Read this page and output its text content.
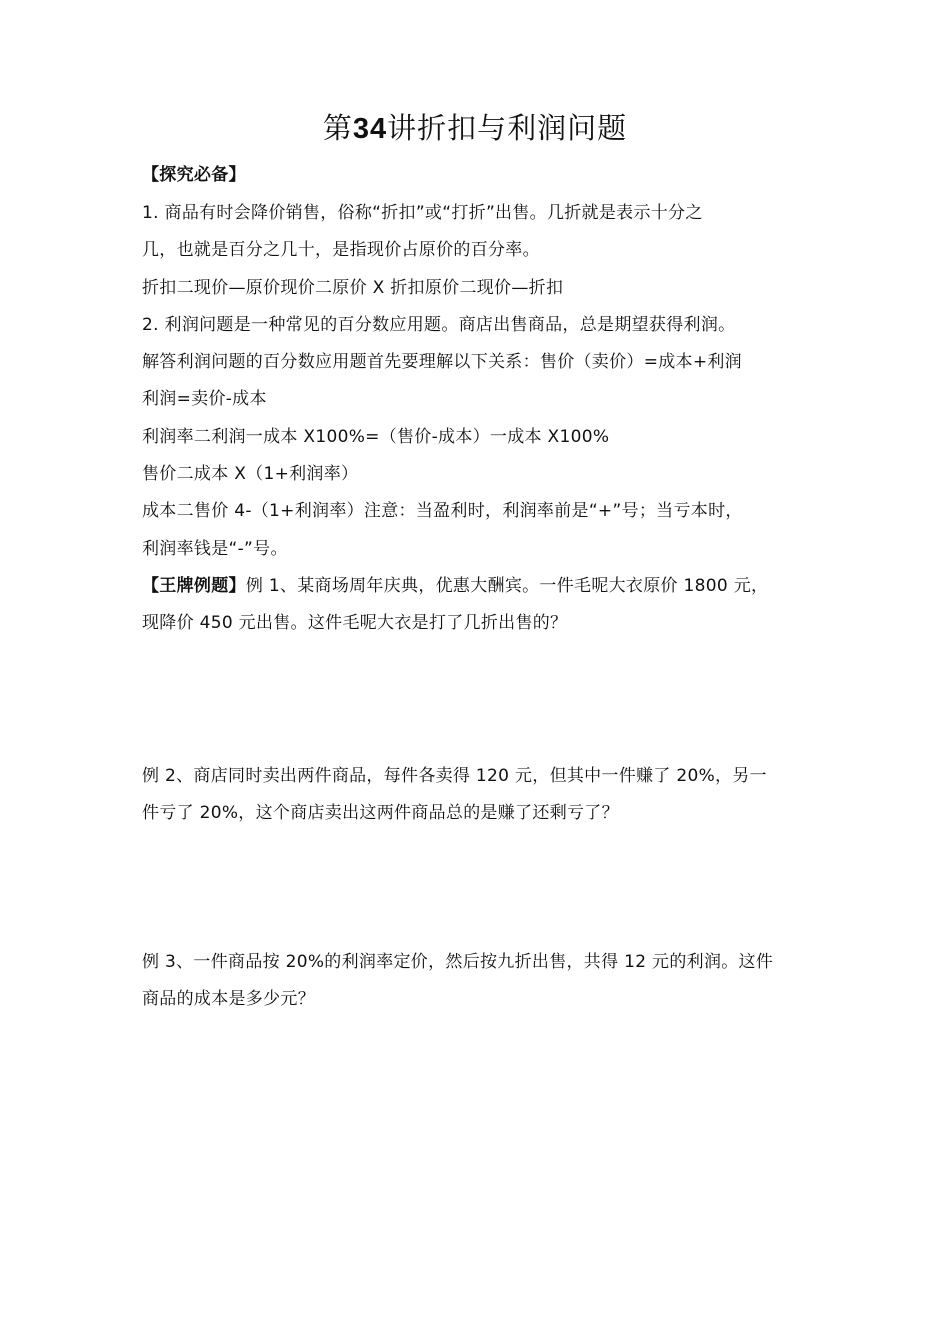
第34讲折扣与利润问题
【探究必备】
1. 商品有时会降价销售，俗称“折扣”或“打折”出售。几折就是表示十分之
几，也就是百分之几十，是指现价占原价的百分率。
折扣二现价—原价现价二原价 X 折扣原价二现价—折扣
2. 利润问题是一种常见的百分数应用题。商店出售商品，总是期望获得利润。
解答利润问题的百分数应用题首先要理解以下关系：售价（卖价）=成本+利润
利润=卖价-成本
利润率二利润一成本 X100%=（售价-成本）一成本 X100%
售价二成本 X（1+利润率）
成本二售价 4-（1+利润率）注意：当盈利时，利润率前是“+”号；当亏本时，
利润率钱是“-”号。
【王牌例题】例 1、某商场周年庆典，优惠大酬宾。一件毛呢大衣原价 1800 元，
现降价 450 元出售。这件毛呢大衣是打了几折出售的？
例 2、商店同时卖出两件商品，每件各卖得 120 元，但其中一件赚了 20%，另一
件亏了 20%，这个商店卖出这两件商品总的是赚了还剩亏了？
例 3、一件商品按 20%的利润率定价，然后按九折出售，共得 12 元的利润。这件
商品的成本是多少元？
